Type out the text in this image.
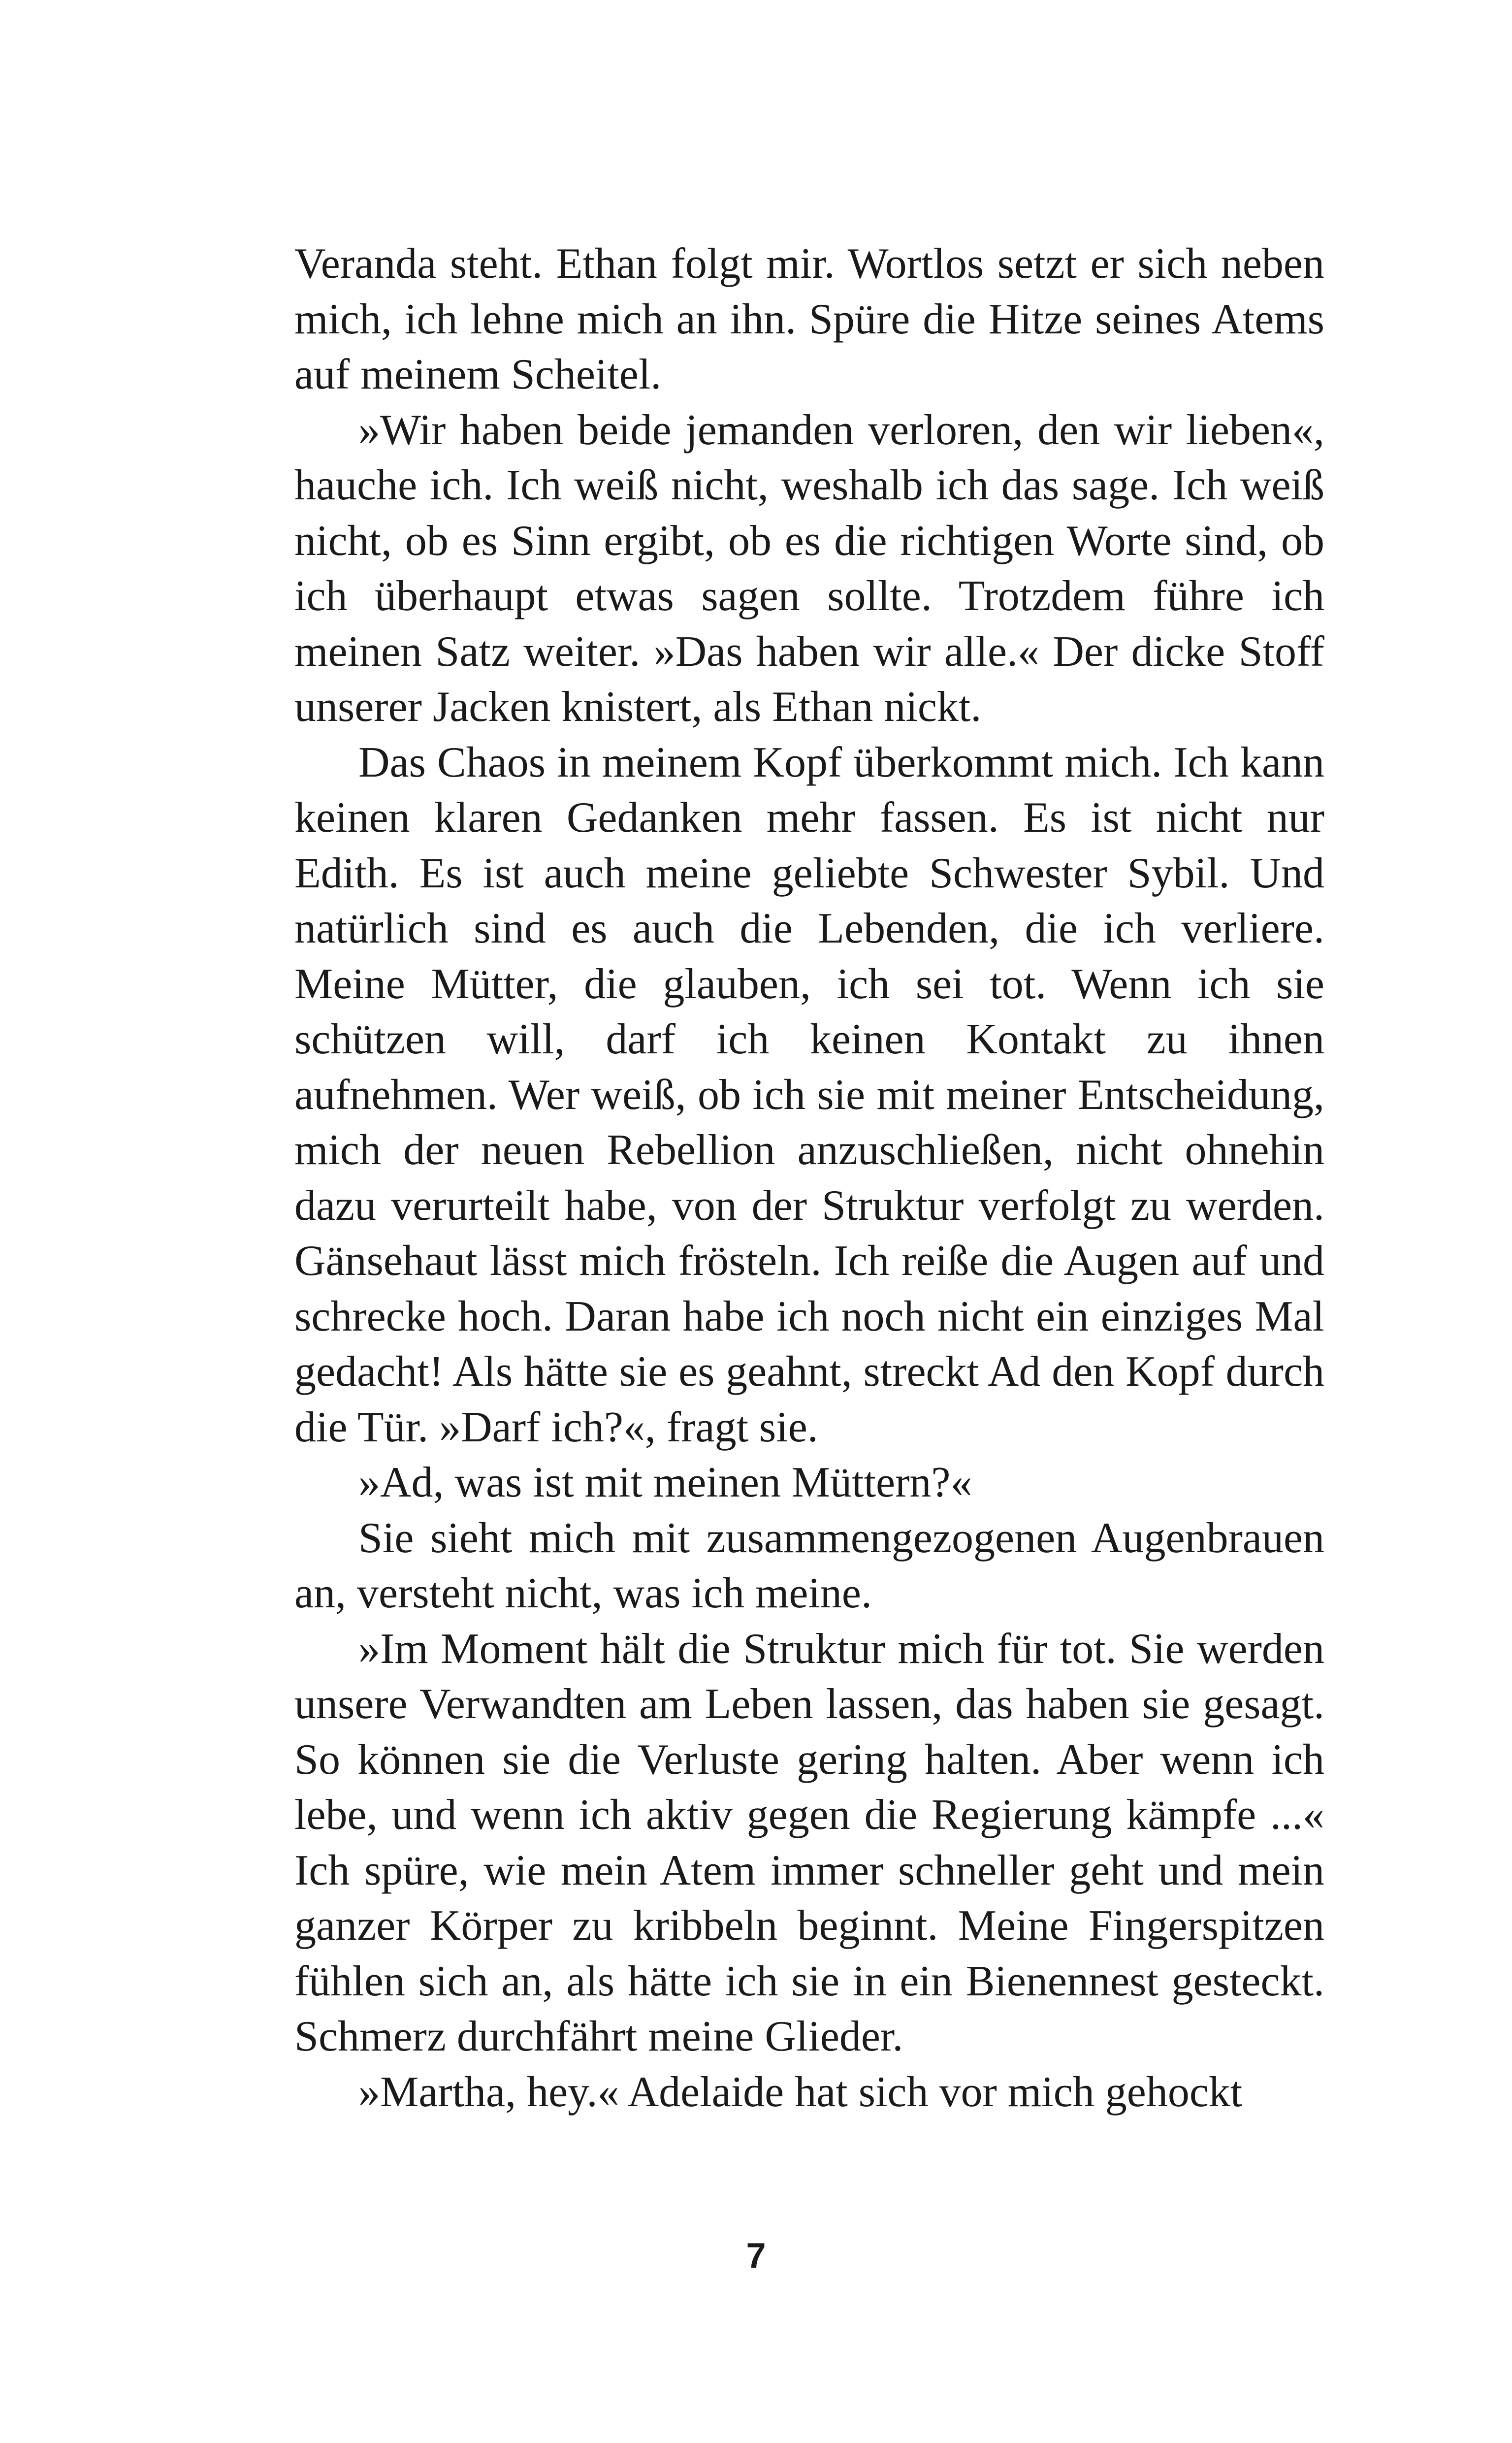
Veranda steht. Ethan folgt mir. Wortlos setzt er sich neben mich, ich lehne mich an ihn. Spüre die Hitze seines Atems auf meinem Scheitel.

»Wir haben beide jemanden verloren, den wir lieben«, hauche ich. Ich weiß nicht, weshalb ich das sage. Ich weiß nicht, ob es Sinn ergibt, ob es die richtigen Worte sind, ob ich überhaupt etwas sagen sollte. Trotzdem führe ich meinen Satz weiter. »Das haben wir alle.« Der dicke Stoff unserer Jacken knistert, als Ethan nickt.

Das Chaos in meinem Kopf überkommt mich. Ich kann keinen klaren Gedanken mehr fassen. Es ist nicht nur Edith. Es ist auch meine geliebte Schwester Sybil. Und natürlich sind es auch die Lebenden, die ich verliere. Meine Mütter, die glauben, ich sei tot. Wenn ich sie schützen will, darf ich keinen Kontakt zu ihnen aufnehmen. Wer weiß, ob ich sie mit meiner Entscheidung, mich der neuen Rebellion anzuschließen, nicht ohnehin dazu verurteilt habe, von der Struktur verfolgt zu werden. Gänsehaut lässt mich frösteln. Ich reiße die Augen auf und schrecke hoch. Daran habe ich noch nicht ein einziges Mal gedacht! Als hätte sie es geahnt, streckt Ad den Kopf durch die Tür. »Darf ich?«, fragt sie.

»Ad, was ist mit meinen Müttern?«

Sie sieht mich mit zusammengezogenen Augenbrauen an, versteht nicht, was ich meine.

»Im Moment hält die Struktur mich für tot. Sie werden unsere Verwandten am Leben lassen, das haben sie gesagt. So können sie die Verluste gering halten. Aber wenn ich lebe, und wenn ich aktiv gegen die Regierung kämpfe ...« Ich spüre, wie mein Atem immer schneller geht und mein ganzer Körper zu kribbeln beginnt. Meine Fingerspitzen fühlen sich an, als hätte ich sie in ein Bienennest gesteckt. Schmerz durchfährt meine Glieder.

»Martha, hey.« Adelaide hat sich vor mich gehockt

7
